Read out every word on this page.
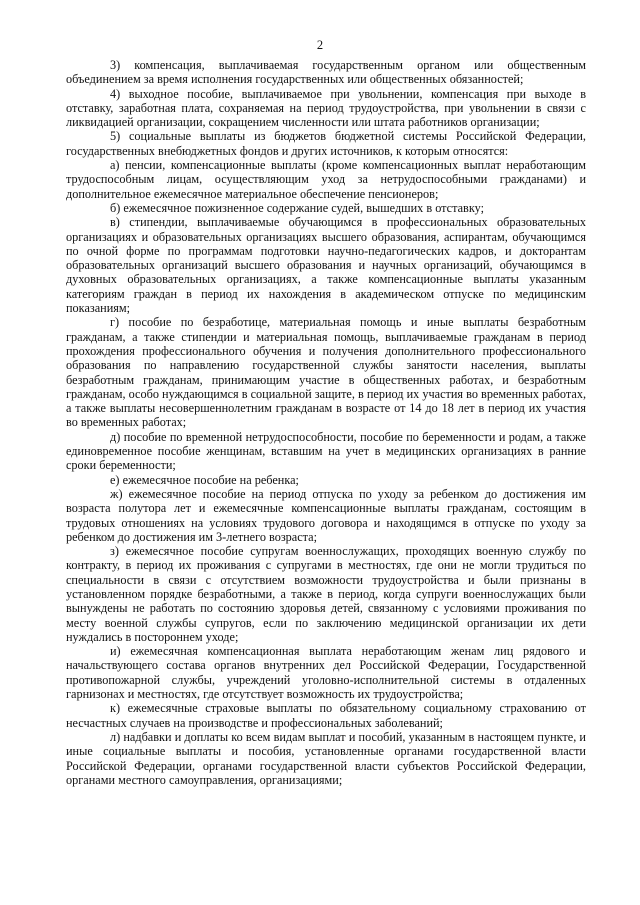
2

3) компенсация, выплачиваемая государственным органом или общественным объединением за время исполнения государственных или общественных обязанностей;

4) выходное пособие, выплачиваемое при увольнении, компенсация при выходе в отставку, заработная плата, сохраняемая на период трудоустройства, при увольнении в связи с ликвидацией организации, сокращением численности или штата работников организации;

5) социальные выплаты из бюджетов бюджетной системы Российской Федерации, государственных внебюджетных фондов и других источников, к которым относятся:

а) пенсии, компенсационные выплаты (кроме компенсационных выплат неработающим трудоспособным лицам, осуществляющим уход за нетрудоспособными гражданами) и дополнительное ежемесячное материальное обеспечение пенсионеров;

б) ежемесячное пожизненное содержание судей, вышедших в отставку;

в) стипендии, выплачиваемые обучающимся в профессиональных образовательных организациях и образовательных организациях высшего образования, аспирантам, обучающимся по очной форме по программам подготовки научно-педагогических кадров, и докторантам образовательных организаций высшего образования и научных организаций, обучающимся в духовных образовательных организациях, а также компенсационные выплаты указанным категориям граждан в период их нахождения в академическом отпуске по медицинским показаниям;

г) пособие по безработице, материальная помощь и иные выплаты безработным гражданам, а также стипендии и материальная помощь, выплачиваемые гражданам в период прохождения профессионального обучения и получения дополнительного профессионального образования по направлению государственной службы занятости населения, выплаты безработным гражданам, принимающим участие в общественных работах, и безработным гражданам, особо нуждающимся в социальной защите, в период их участия во временных работах, а также выплаты несовершеннолетним гражданам в возрасте от 14 до 18 лет в период их участия во временных работах;

д) пособие по временной нетрудоспособности, пособие по беременности и родам, а также единовременное пособие женщинам, вставшим на учет в медицинских организациях в ранние сроки беременности;

е) ежемесячное пособие на ребенка;

ж) ежемесячное пособие на период отпуска по уходу за ребенком до достижения им возраста полутора лет и ежемесячные компенсационные выплаты гражданам, состоящим в трудовых отношениях на условиях трудового договора и находящимся в отпуске по уходу за ребенком до достижения им 3-летнего возраста;

з) ежемесячное пособие супругам военнослужащих, проходящих военную службу по контракту, в период их проживания с супругами в местностях, где они не могли трудиться по специальности в связи с отсутствием возможности трудоустройства и были признаны в установленном порядке безработными, а также в период, когда супруги военнослужащих были вынуждены не работать по состоянию здоровья детей, связанному с условиями проживания по месту военной службы супругов, если по заключению медицинской организации их дети нуждались в постороннем уходе;

и) ежемесячная компенсационная выплата неработающим женам лиц рядового и начальствующего состава органов внутренних дел Российской Федерации, Государственной противопожарной службы, учреждений уголовно-исполнительной системы в отдаленных гарнизонах и местностях, где отсутствует возможность их трудоустройства;

к) ежемесячные страховые выплаты по обязательному социальному страхованию от несчастных случаев на производстве и профессиональных заболеваний;

л) надбавки и доплаты ко всем видам выплат и пособий, указанным в настоящем пункте, и иные социальные выплаты и пособия, установленные органами государственной власти Российской Федерации, органами государственной власти субъектов Российской Федерации, органами местного самоуправления, организациями;
